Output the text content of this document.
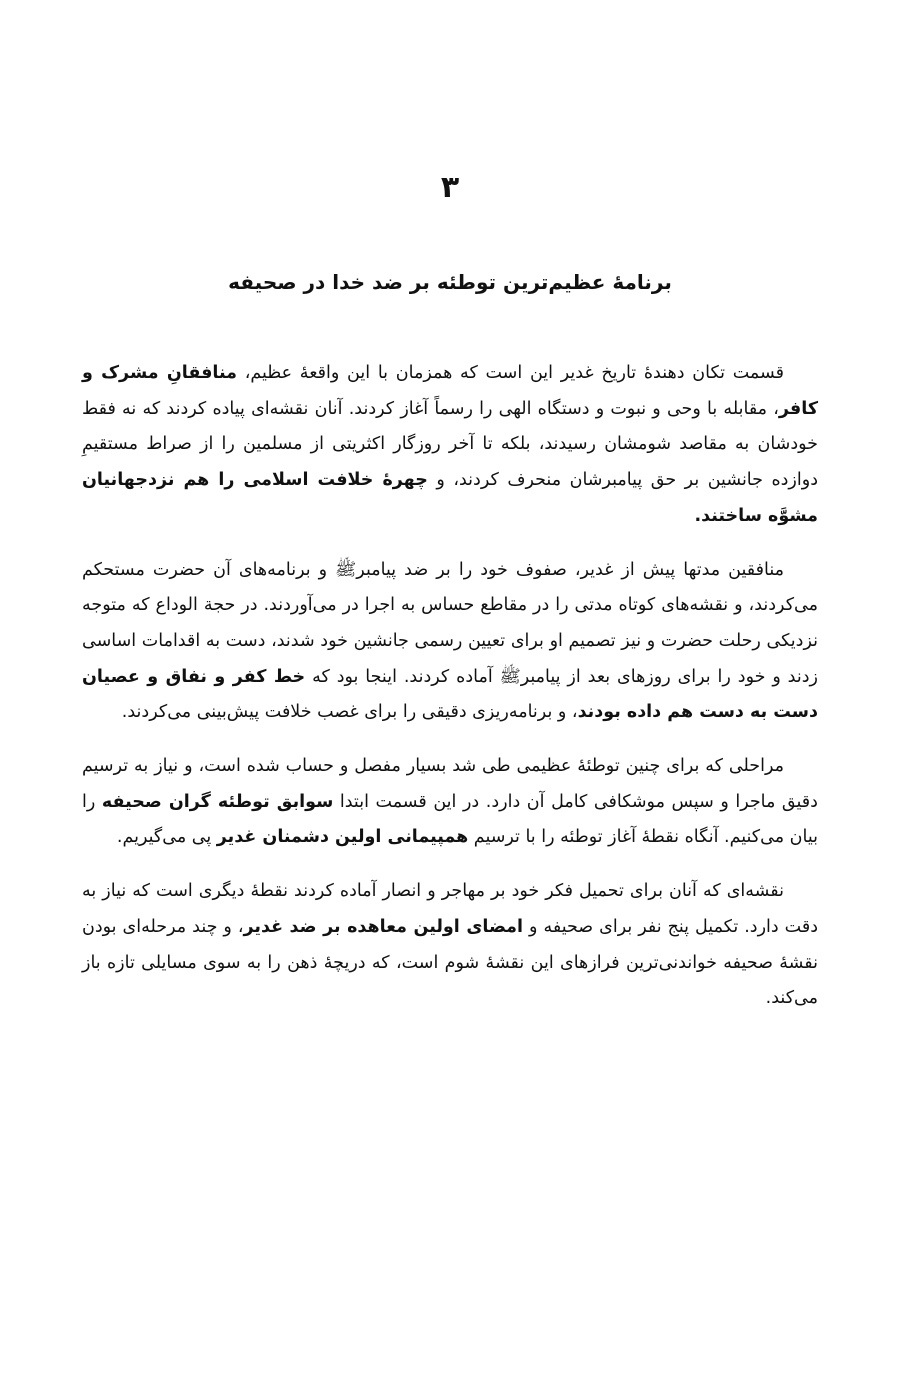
۳
برنامۀ عظیم‌ترین توطئه بر ضد خدا در صحیفه

قسمت تکان دهندۀ تاریخ غدیر این است که همزمان با این واقعۀ عظیم، منافقانِ مشرک و کافر، مقابله با وحی و نبوت و دستگاه الهی را رسماً آغاز کردند. آنان نقشه‌ای پیاده کردند که نه فقط خودشان به مقاصد شومشان رسیدند، بلکه تا آخر روزگار اکثریتی از مسلمین را از صراط مستقیمِ دوازده جانشین بر حق پیامبرشان منحرف کردند، و چهرۀ خلافت اسلامی را هم نزدجهانیان مشوَّه ساختند.

منافقین مدتها پیش از غدیر، صفوف خود را بر ضد پیامبرﷺ و برنامه‌های آن حضرت مستحکم می‌کردند، و نقشه‌های کوتاه مدتی را در مقاطع حساس به اجرا در می‌آوردند. در حجة الوداع که متوجه نزدیکی رحلت حضرت و نیز تصمیم او برای تعیین رسمی جانشین خود شدند، دست به اقدامات اساسی زدند و خود را برای روزهای بعد از پیامبرﷺ آماده کردند. اینجا بود که خط کفر و نفاق و عصیان دست به دست هم داده بودند، و برنامه‌ریزی دقیقی را برای غصب خلافت پیش‌بینی می‌کردند.

مراحلی که برای چنین توطئۀ عظیمی طی شد بسیار مفصل و حساب شده است، و نیاز به ترسیم دقیق ماجرا و سپس موشکافی کامل آن دارد. در این قسمت ابتدا سوابق توطئه گران صحیفه را بیان می‌کنیم. آنگاه نقطۀ آغاز توطئه را با ترسیم همپیمانی اولین دشمنان غدیر پی می‌گیریم.

نقشه‌ای که آنان برای تحمیل فکر خود بر مهاجر و انصار آماده کردند نقطۀ دیگری است که نیاز به دقت دارد. تکمیل پنج نفر برای صحیفه و امضای اولین معاهده بر ضد غدیر، و چند مرحله‌ای بودن نقشۀ صحیفه خواندنی‌ترین فرازهای این نقشۀ شوم است، که دریچۀ ذهن را به سوی مسایلی تازه باز می‌کند.
